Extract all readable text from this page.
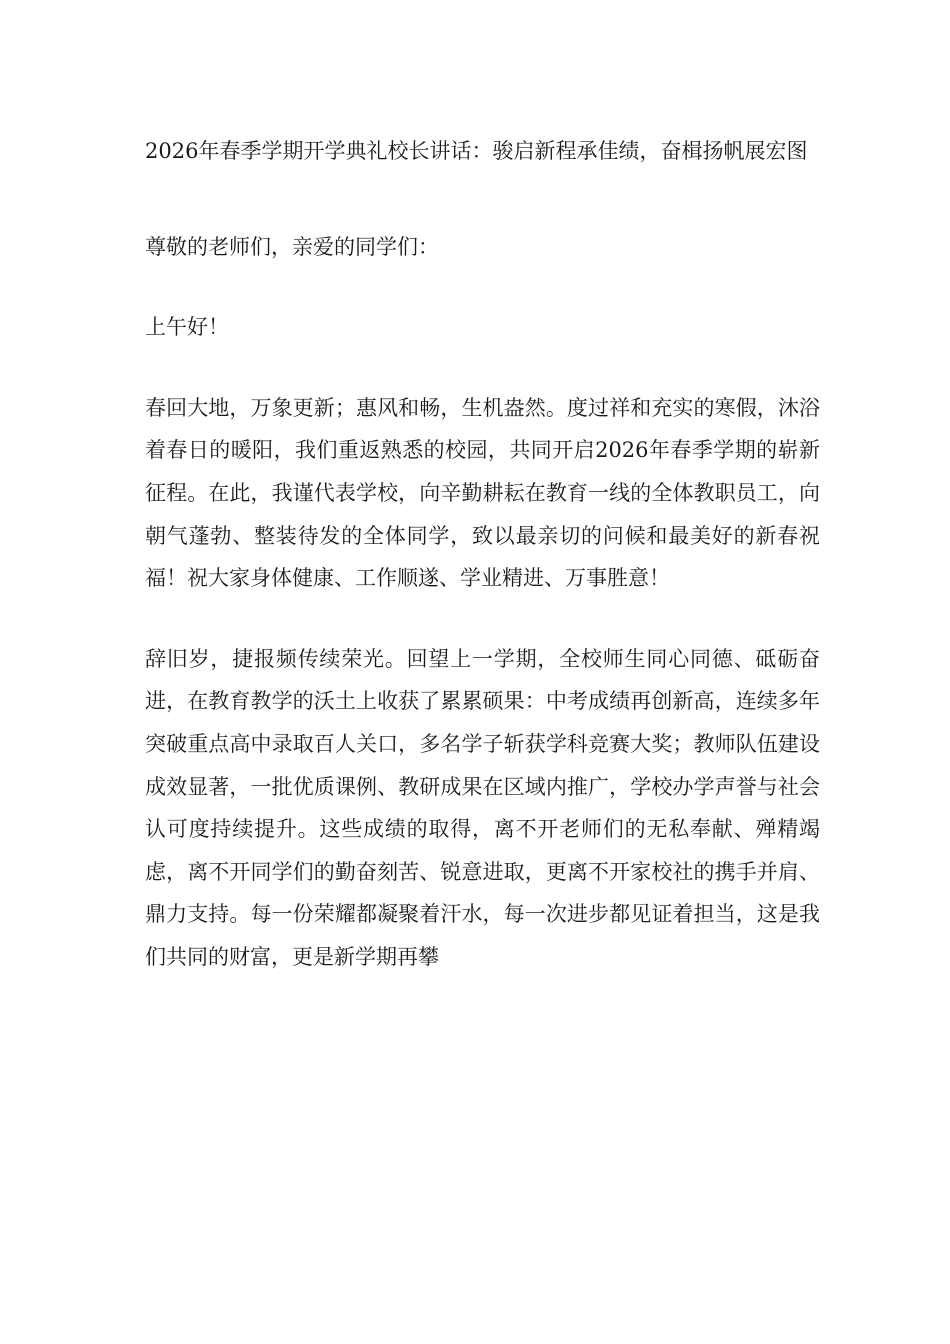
2026年春季学期开学典礼校长讲话：骏启新程承佳绩，奋楫扬帆展宏图

尊敬的老师们，亲爱的同学们：

上午好！

春回大地，万象更新；惠风和畅，生机盎然。度过祥和充实的寒假，沐浴着春日的暖阳，我们重返熟悉的校园，共同开启2026年春季学期的崭新征程。在此，我谨代表学校，向辛勤耕耘在教育一线的全体教职员工，向朝气蓬勃、整装待发的全体同学，致以最亲切的问候和最美好的新春祝福！祝大家身体健康、工作顺遂、学业精进、万事胜意！

辞旧岁，捷报频传续荣光。回望上一学期，全校师生同心同德、砥砺奋进，在教育教学的沃土上收获了累累硕果：中考成绩再创新高，连续多年突破重点高中录取百人关口，多名学子斩获学科竞赛大奖；教师队伍建设成效显著，一批优质课例、教研成果在区域内推广，学校办学声誉与社会认可度持续提升。这些成绩的取得，离不开老师们的无私奉献、殚精竭虑，离不开同学们的勤奋刻苦、锐意进取，更离不开家校社的携手并肩、鼎力支持。每一份荣耀都凝聚着汗水，每一次进步都见证着担当，这是我们共同的财富，更是新学期再攀
